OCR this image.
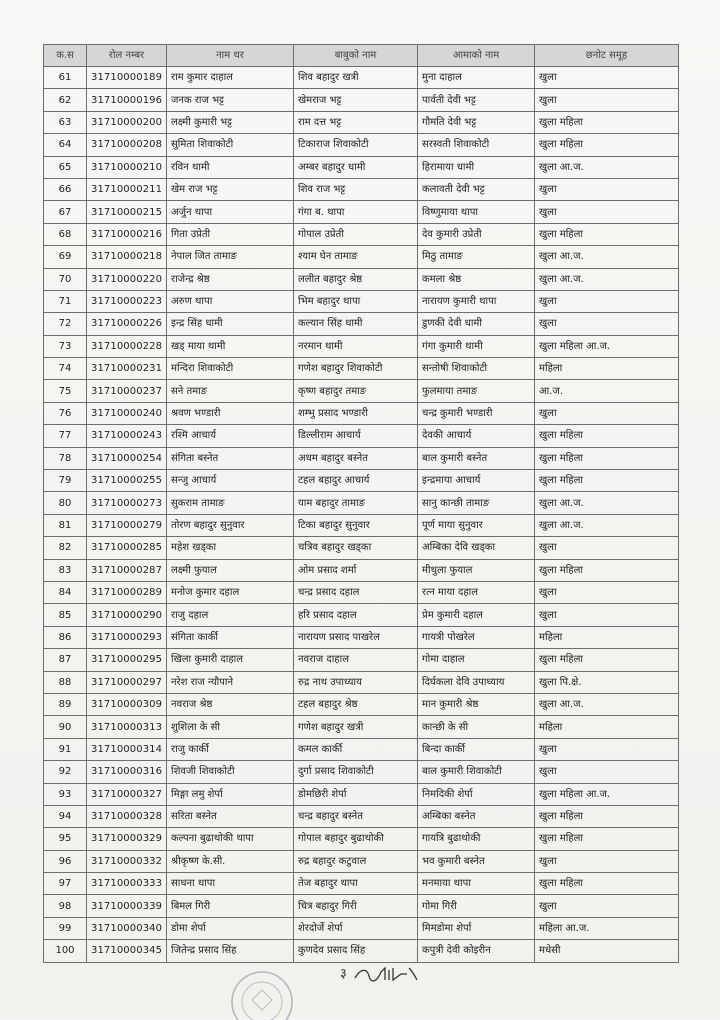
क.स	रोल नम्बर	नाम थर	बाबुको नाम	आमाको नाम	छनोट समूह
61	31710000189	राम कुमार दाहाल	शिव बहादुर खत्री	मुना दाहाल	खुला
62	31710000196	जनक राज भट्ट	खेमराज भट्ट	पार्वती देवी भट्ट	खुला
63	31710000200	लक्ष्मी कुमारी भट्ट	राम दत्त भट्ट	गौमति देवी भट्ट	खुला महिला
64	31710000208	सुमिता शिवाकोटी	टिकाराज शिवाकोटी	सरस्वती शिवाकोटी	खुला महिला
65	31710000210	रविन थामी	अम्बर बहादुर धामी	हिरामाया धामी	खुला आ.ज.
66	31710000211	खेम राज भट्ट	शिव राज भट्ट	कलावती देवी भट्ट	खुला
67	31710000215	अर्जुन थापा	गंगा ब. थापा	विष्णुमाया थापा	खुला
68	31710000216	गिता उप्रेती	गोपाल उप्रेती	देव कुमारी उप्रेती	खुला महिला
69	31710000218	नेपाल जित तामाङ	श्याम घेन तामाङ	मिठु तामाङ	खुला आ.ज.
70	31710000220	राजेन्द्र श्रेष्ठ	ललीत बहादुर श्रेष्ठ	कमला श्रेष्ठ	खुला आ.ज.
71	31710000223	अरुण थापा	भिम बहादुर थापा	नारायण कुमारी थापा	खुला
72	31710000226	इन्द्र सिंह धामी	कल्यान सिंह धामी	डुणकी देवी धामी	खुला
73	31710000228	खड् माया थामी	नरमान थामी	गंगा कुमारी थामी	खुला महिला आ.ज.
74	31710000231	मन्दिरा शिवाकोटी	गणेश बहादुर शिवाकोटी	सन्तोषी शिवाकोटी	महिला
75	31710000237	सने तमाङ	कृष्ण बहादुर तमाङ	फुलमाया तमाङ	आ.ज.
76	31710000240	श्रवण भण्डारी	शम्भु प्रसाद भण्डारी	चन्द्र कुमारी भण्डारी	खुला
77	31710000243	रश्मि आचार्य	डिल्लीराम आचार्य	देवकी आचार्य	खुला महिला
78	31710000254	संगिता बस्नेत	अधम बहादुर बस्नेत	बाल कुमारी बस्नेत	खुला महिला
79	31710000255	सन्जु आचार्य	टहल बहादुर आचार्य	इन्द्रमाया आचार्य	खुला महिला
80	31710000273	सुकराम तामाङ	याम बहादुर तामाङ	सानु कान्छी तामाङ	खुला आ.ज.
81	31710000279	तोरण बहादुर सुनुवार	टिका बहादुर सुनुवार	पूर्ण माया सुनुवार	खुला आ.ज.
82	31710000285	महेश खड्का	चत्रिव बहादुर खड्का	अम्बिका देवि खड्का	खुला
83	31710000287	लक्ष्मी फुयाल	ओम प्रसाद शर्मा	मीथुला फुयाल	खुला महिला
84	31710000289	मनोज कुमार दहाल	चन्द्र प्रसाद दहाल	रत्न माया दहाल	खुला
85	31710000290	राजु दहाल	हरि प्रसाद दहाल	प्रेम कुमारी दहाल	खुला
86	31710000293	संगिता कार्की	नारायण प्रसाद पाखरेल	गायत्री पोखरेल	महिला
87	31710000295	खिला कुमारी दाहाल	नवराज दाहाल	गोमा दाहाल	खुला महिला
88	31710000297	नरेश राज न्यौपाने	रुद्र नाथ उपाध्याय	दिर्घकला देवि उपाध्याय	खुला पि.क्षे.
89	31710000309	नवराज श्रेष्ठ	टहल बहादुर श्रेष्ठ	मान कुमारी श्रेष्ठ	खुला आ.ज.
90	31710000313	शुशिला के सी	गणेश बहादुर खत्री	कान्छी के सी	महिला
91	31710000314	राजु कार्की	कमल कार्की	बिन्दा कार्की	खुला
92	31710000316	शिवजी शिवाकोटी	दुर्गा प्रसाद शिवाकोटी	बाल कुमारी शिवाकोटी	खुला
93	31710000327	मिङ्गा लमु शेर्पा	डोमछिरी शेर्पा	निमदिकी शेर्पा	खुला महिला आ.ज.
94	31710000328	सरिता बस्नेत	चन्द्र बहादुर बस्नेत	अम्बिका बस्नेत	खुला महिला
95	31710000329	कल्पना बुढाथोकी थापा	गोपाल बहादुर बुढाथोकी	गायत्रि बुढाथोकी	खुला महिला
96	31710000332	श्रीकृष्ण के.सी.	रुद्र बहादुर कटुवाल	भव कुमारी बस्नेत	खुला
97	31710000333	साधना थापा	तेज बहादुर थापा	मनमाया थापा	खुला महिला
98	31710000339	बिमल गिरी	चित्र बहादुर गिरी	गोमा गिरी	खुला
99	31710000340	डोमा शेर्पा	शेरदोर्जे शेर्पा	मिमडोमा शेर्पा	महिला आ.ज.
100	31710000345	जितेन्द्र प्रसाद सिंह	कुणदेव प्रसाद सिंह	कपुत्री देवी कोइरीन	मधेसी
३
